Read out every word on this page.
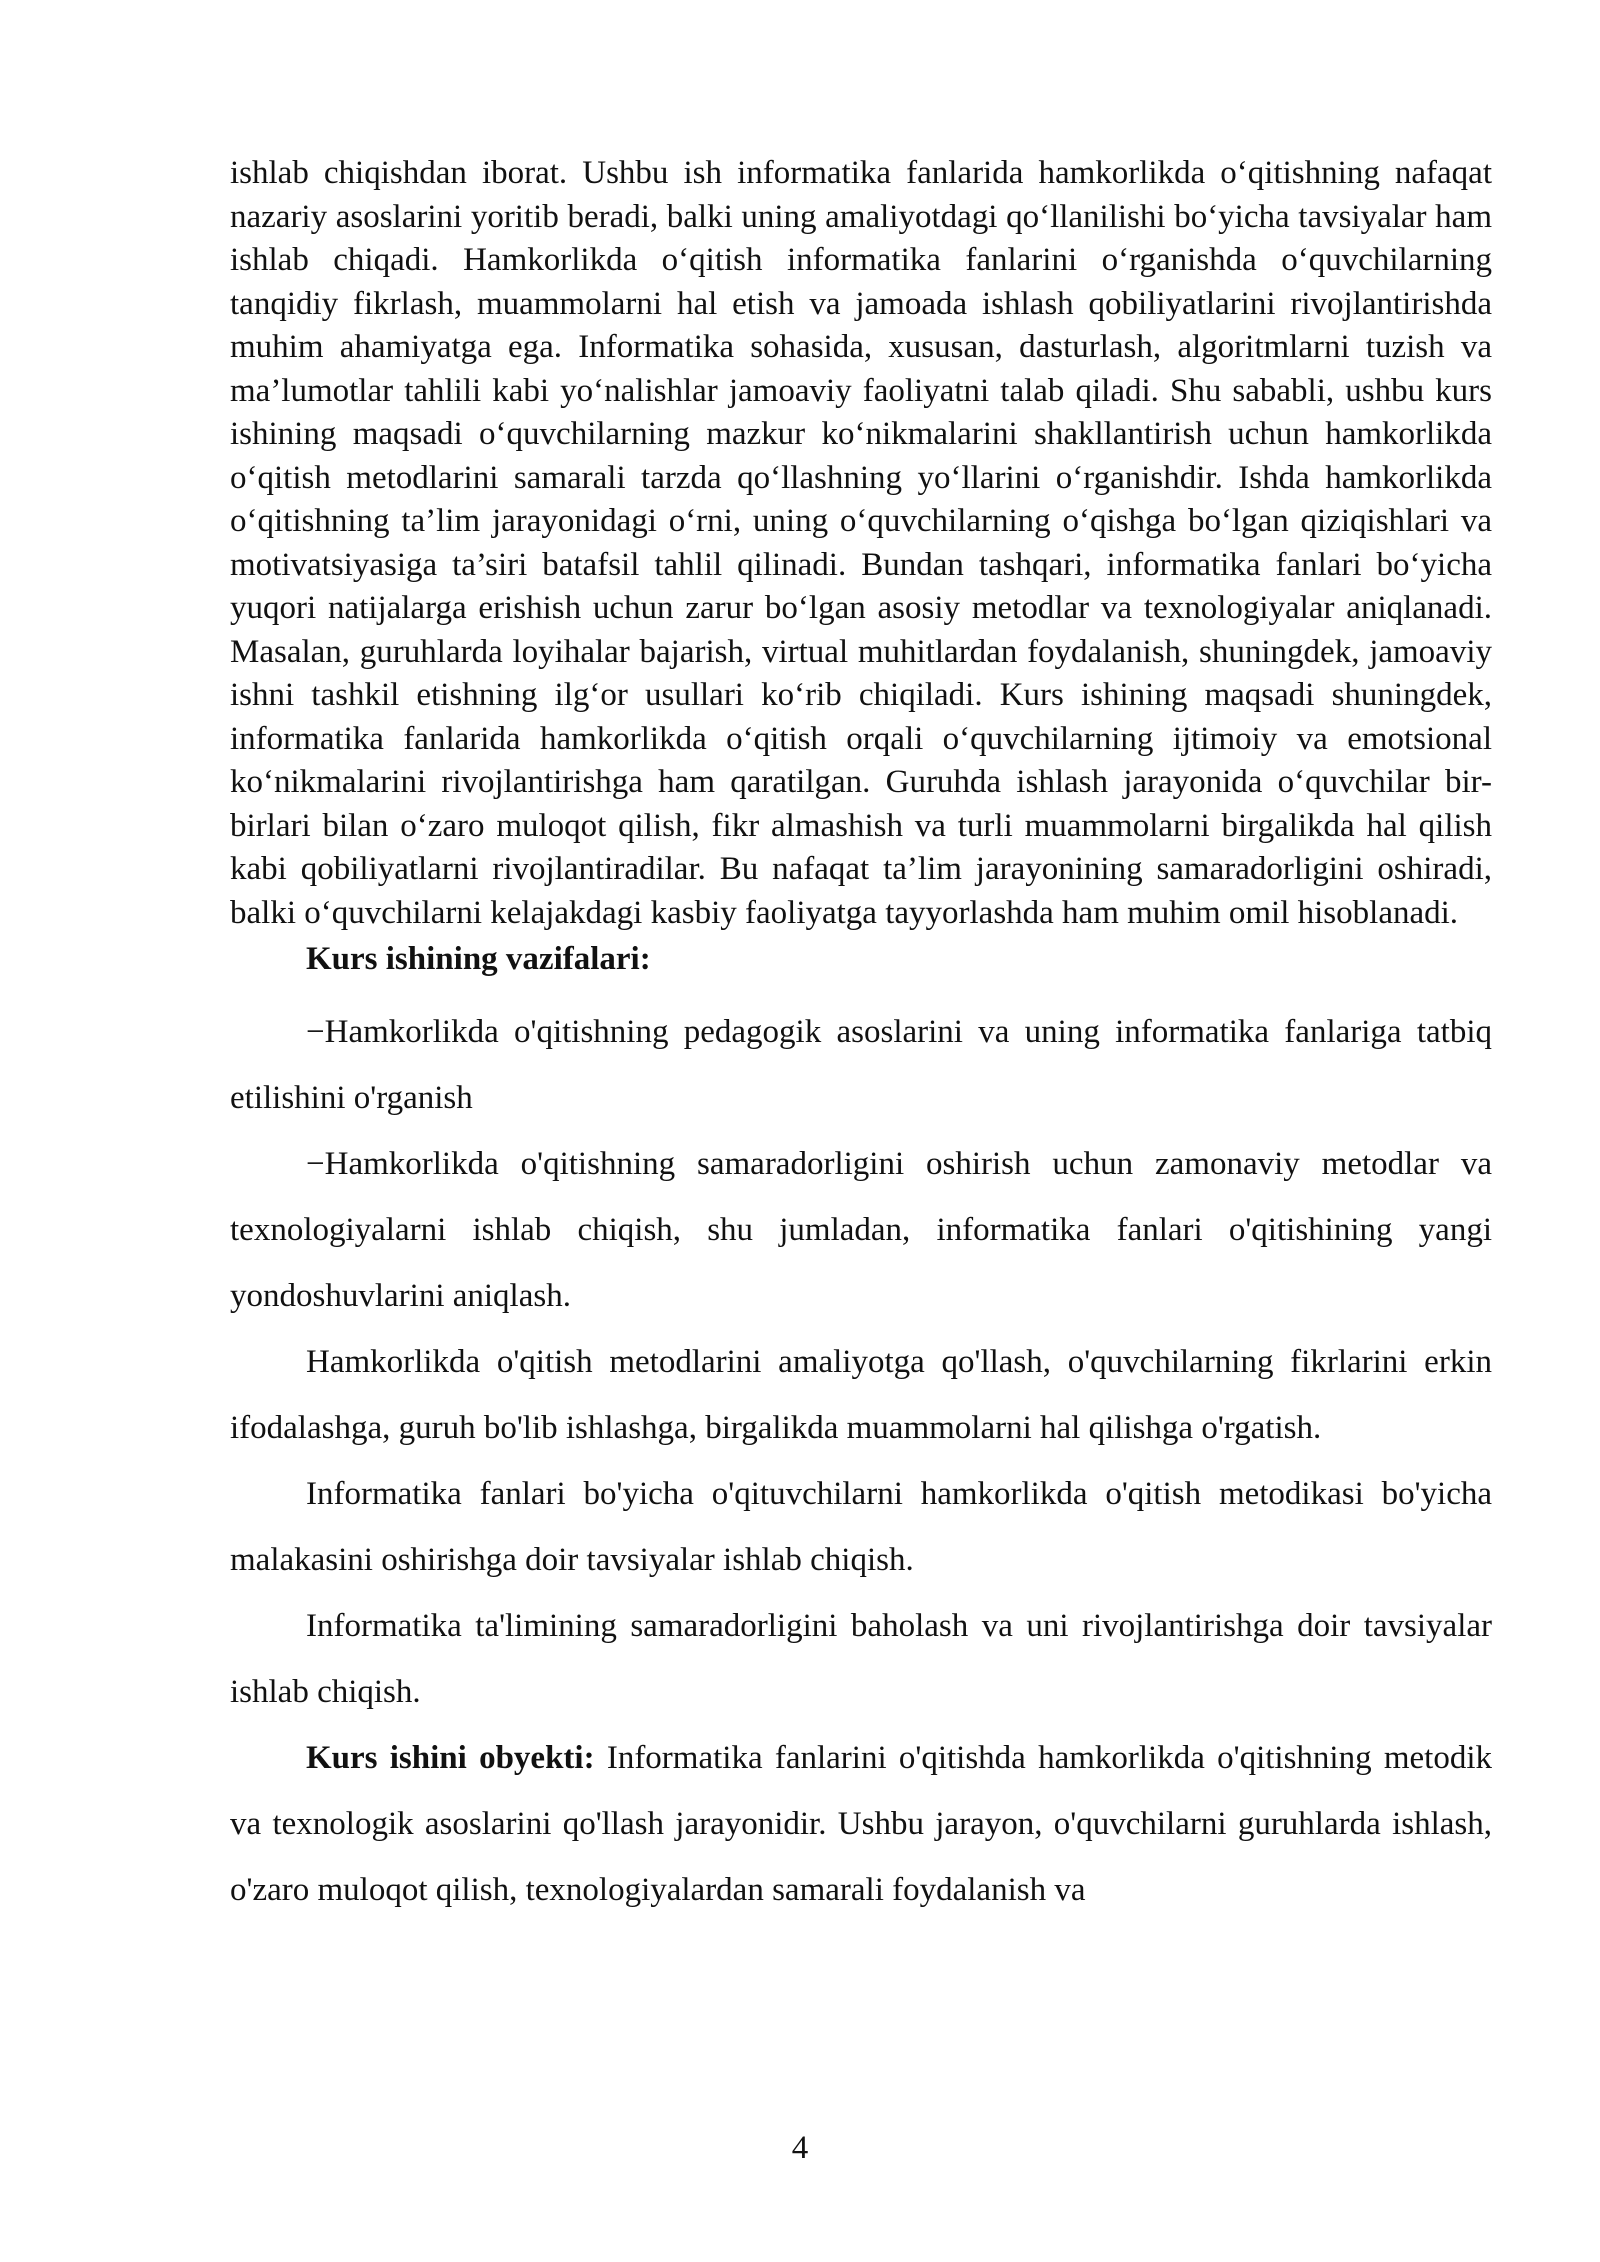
ishlab chiqishdan iborat. Ushbu ish informatika fanlarida hamkorlikda o‘qitishning nafaqat nazariy asoslarini yoritib beradi, balki uning amaliyotdagi qo‘llanilishi bo‘yicha tavsiyalar ham ishlab chiqadi. Hamkorlikda o‘qitish informatika fanlarini o‘rganishda o‘quvchilarning tanqidiy fikrlash, muammolarni hal etish va jamoada ishlash qobiliyatlarini rivojlantirishda muhim ahamiyatga ega. Informatika sohasida, xususan, dasturlash, algoritmlarni tuzish va ma’lumotlar tahlili kabi yo‘nalishlar jamoaviy faoliyatni talab qiladi. Shu sababli, ushbu kurs ishining maqsadi o‘quvchilarning mazkur ko‘nikmalarini shakllantirish uchun hamkorlikda o‘qitish metodlarini samarali tarzda qo‘llashning yo‘llarini o‘rganishdir. Ishda hamkorlikda o‘qitishning ta’lim jarayonidagi o‘rni, uning o‘quvchilarning o‘qishga bo‘lgan qiziqishlari va motivatsiyasiga ta’siri batafsil tahlil qilinadi. Bundan tashqari, informatika fanlari bo‘yicha yuqori natijalarga erishish uchun zarur bo‘lgan asosiy metodlar va texnologiyalar aniqlanadi. Masalan, guruhlarda loyihalar bajarish, virtual muhitlardan foydalanish, shuningdek, jamoaviy ishni tashkil etishning ilg‘or usullari ko‘rib chiqiladi. Kurs ishining maqsadi shuningdek, informatika fanlarida hamkorlikda o‘qitish orqali o‘quvchilarning ijtimoiy va emotsional ko‘nikmalarini rivojlantirishga ham qaratilgan. Guruhda ishlash jarayonida o‘quvchilar bir-birlari bilan o‘zaro muloqot qilish, fikr almashish va turli muammolarni birgalikda hal qilish kabi qobiliyatlarni rivojlantiradilar. Bu nafaqat ta’lim jarayonining samaradorligini oshiradi, balki o‘quvchilarni kelajakdagi kasbiy faoliyatga tayyorlashda ham muhim omil hisoblanadi.

Kurs ishining vazifalari:

−Hamkorlikda o'qitishning pedagogik asoslarini va uning informatika fanlariga tatbiq etilishini o'rganish

−Hamkorlikda o'qitishning samaradorligini oshirish uchun zamonaviy metodlar va texnologiyalarni ishlab chiqish, shu jumladan, informatika fanlari o'qitishining yangi yondoshuvlarini aniqlash.

Hamkorlikda o'qitish metodlarini amaliyotga qo'llash, o'quvchilarning fikrlarini erkin ifodalashga, guruh bo'lib ishlashga, birgalikda muammolarni hal qilishga o'rgatish.

Informatika fanlari bo'yicha o'qituvchilarni hamkorlikda o'qitish metodikasi bo'yicha malakasini oshirishga doir tavsiyalar ishlab chiqish.

Informatika ta'limining samaradorligini baholash va uni rivojlantirishga doir tavsiyalar ishlab chiqish.

Kurs ishini obyekti: Informatika fanlarini o'qitishda hamkorlikda o'qitishning metodik va texnologik asoslarini qo'llash jarayonidir. Ushbu jarayon, o'quvchilarni guruhlarda ishlash, o'zaro muloqot qilish, texnologiyalardan samarali foydalanish va

4
